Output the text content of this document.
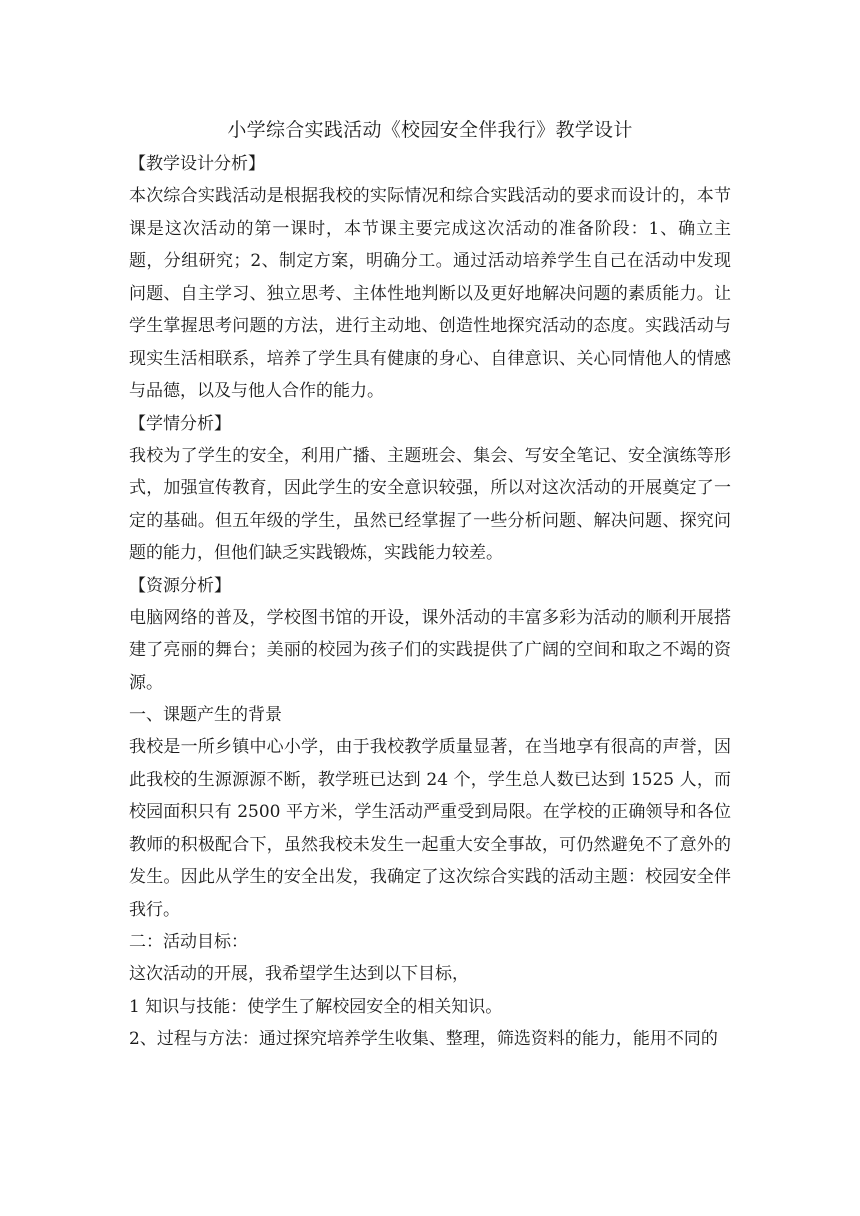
小学综合实践活动《校园安全伴我行》教学设计

【教学设计分析】

本次综合实践活动是根据我校的实际情况和综合实践活动的要求而设计的，本节课是这次活动的第一课时，本节课主要完成这次活动的准备阶段：1、确立主题，分组研究；2、制定方案，明确分工。通过活动培养学生自己在活动中发现问题、自主学习、独立思考、主体性地判断以及更好地解决问题的素质能力。让学生掌握思考问题的方法，进行主动地、创造性地探究活动的态度。实践活动与现实生活相联系，培养了学生具有健康的身心、自律意识、关心同情他人的情感与品德，以及与他人合作的能力。

【学情分析】

我校为了学生的安全，利用广播、主题班会、集会、写安全笔记、安全演练等形式，加强宣传教育，因此学生的安全意识较强，所以对这次活动的开展奠定了一定的基础。但五年级的学生，虽然已经掌握了一些分析问题、解决问题、探究问题的能力，但他们缺乏实践锻炼，实践能力较差。

【资源分析】

电脑网络的普及，学校图书馆的开设，课外活动的丰富多彩为活动的顺利开展搭建了亮丽的舞台；美丽的校园为孩子们的实践提供了广阔的空间和取之不竭的资源。

一、课题产生的背景

我校是一所乡镇中心小学，由于我校教学质量显著，在当地享有很高的声誉，因此我校的生源源源不断，教学班已达到 24 个，学生总人数已达到 1525 人，而校园面积只有 2500 平方米，学生活动严重受到局限。在学校的正确领导和各位教师的积极配合下，虽然我校未发生一起重大安全事故，可仍然避免不了意外的发生。因此从学生的安全出发，我确定了这次综合实践的活动主题：校园安全伴我行。

二：活动目标：

这次活动的开展，我希望学生达到以下目标，

1 知识与技能：使学生了解校园安全的相关知识。

2、过程与方法：通过探究培养学生收集、整理，筛选资料的能力，能用不同的
